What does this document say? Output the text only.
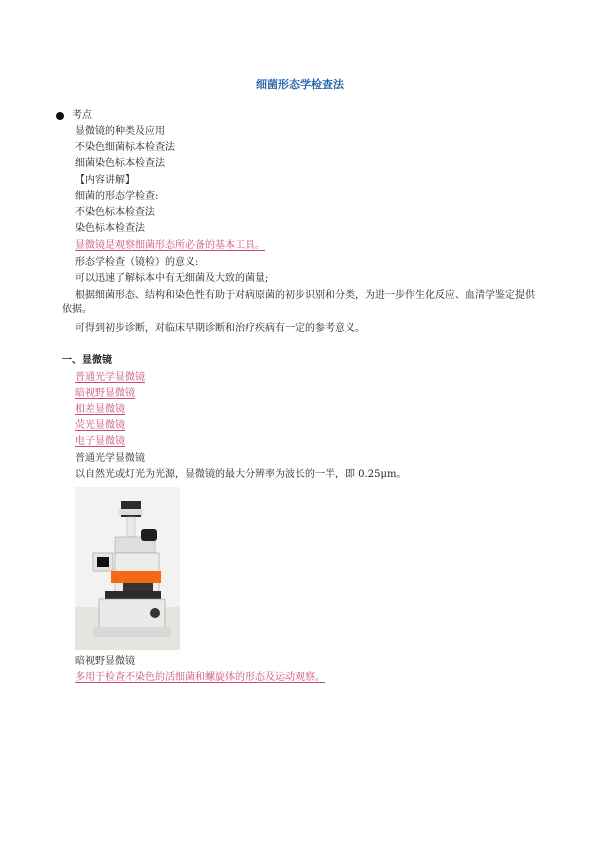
细菌形态学检查法
考点
显微镜的种类及应用
不染色细菌标本检查法
细菌染色标本检查法
【内容讲解】
细菌的形态学检查:
不染色标本检查法
染色标本检查法
显微镜是观察细菌形态所必备的基本工具。
形态学检查（镜检）的意义:
可以迅速了解标本中有无细菌及大致的菌量;
根据细菌形态、结构和染色性有助于对病原菌的初步识别和分类，为进一步作生化反应、血清学鉴定提供依据。
可得到初步诊断，对临床早期诊断和治疗疾病有一定的参考意义。
一、显微镜
普通光学显微镜
暗视野显微镜
相差显微镜
荧光显微镜
电子显微镜
普通光学显微镜
以自然光或灯光为光源，显微镜的最大分辨率为波长的一半，即 0.25μm。
暗视野显微镜
多用于检查不染色的活细菌和螺旋体的形态及运动观察。
